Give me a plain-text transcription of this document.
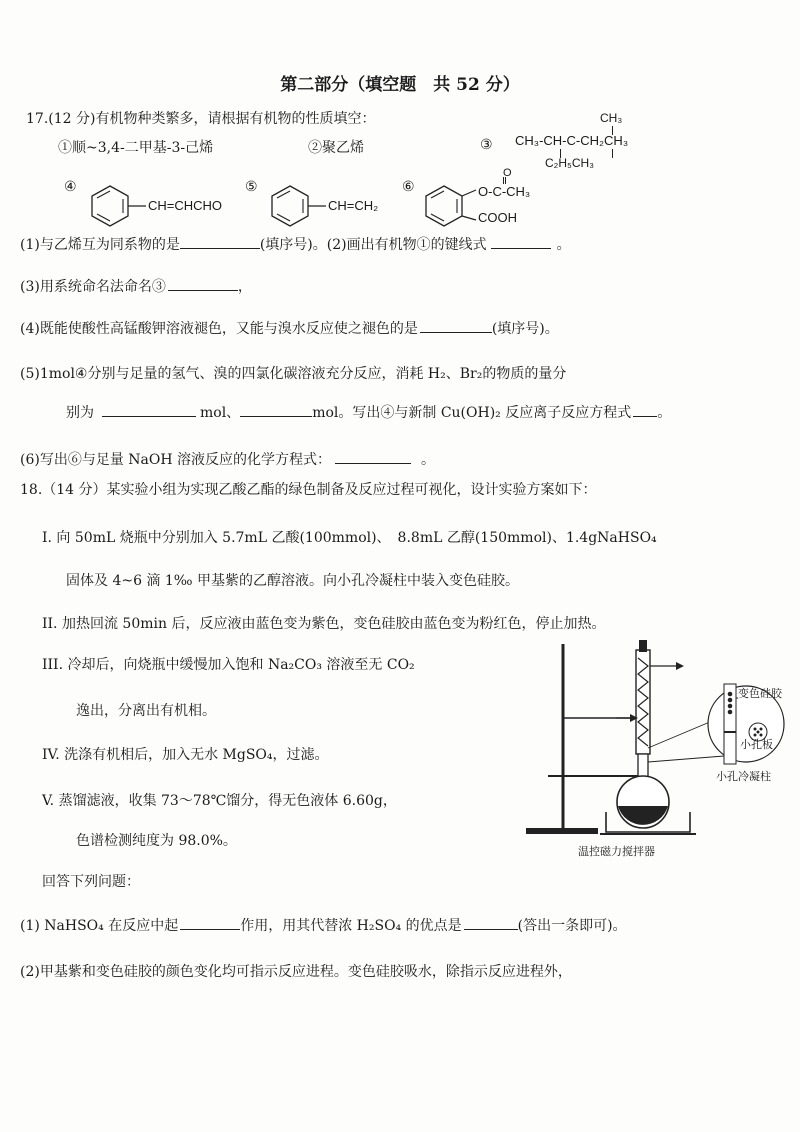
第二部分（填空题　共 52 分）
17.(12 分)有机物种类繁多，请根据有机物的性质填空：
①顺~3,4-二甲基-3-己烯	②聚乙烯	③
CH₃
CH₃-CH-C-CH₂CH₃
C₂H₅CH₃
④
CH=CHCHO
⑤
CH=CH₂
⑥
O
O-C-CH₃
COOH
(1)与乙烯互为同系物的是	(填序号)。(2)画出有机物①的键线式	。
(3)用系统命名法命名③	，
(4)既能使酸性高锰酸钾溶液褪色，又能与溴水反应使之褪色的是	(填序号)。
(5)1mol④分别与足量的氢气、溴的四氯化碳溶液充分反应，消耗 H₂、Br₂的物质的量分
别为	mol、	mol。写出④与新制 Cu(OH)₂ 反应离子反应方程式 。
(6)写出⑥与足量 NaOH 溶液反应的化学方程式：	。
18.（14 分）某实验小组为实现乙酸乙酯的绿色制备及反应过程可视化，设计实验方案如下：
I. 向 50mL 烧瓶中分别加入 5.7mL 乙酸(100mmol)、　8.8mL 乙醇(150mmol)、1.4gNaHSO₄
固体及 4~6 滴 1‰ 甲基紫的乙醇溶液。向小孔冷凝柱中装入变色硅胶。
II. 加热回流 50min 后，反应液由蓝色变为紫色，变色硅胶由蓝色变为粉红色，停止加热。
III. 冷却后，向烧瓶中缓慢加入饱和 Na₂CO₃ 溶液至无 CO₂
逸出，分离出有机相。
IV. 洗涤有机相后，加入无水 MgSO₄，过滤。
V. 蒸馏滤液，收集 73～78℃馏分，得无色液体 6.60g，
色谱检测纯度为 98.0%。
回答下列问题：
(1) NaHSO₄ 在反应中起	作用，用其代替浓 H₂SO₄ 的优点是	(答出一条即可)。
(2)甲基紫和变色硅胶的颜色变化均可指示反应进程。变色硅胶吸水，除指示反应进程外，
变色硅胶
小孔板
小孔冷凝柱
温控磁力搅拌器
